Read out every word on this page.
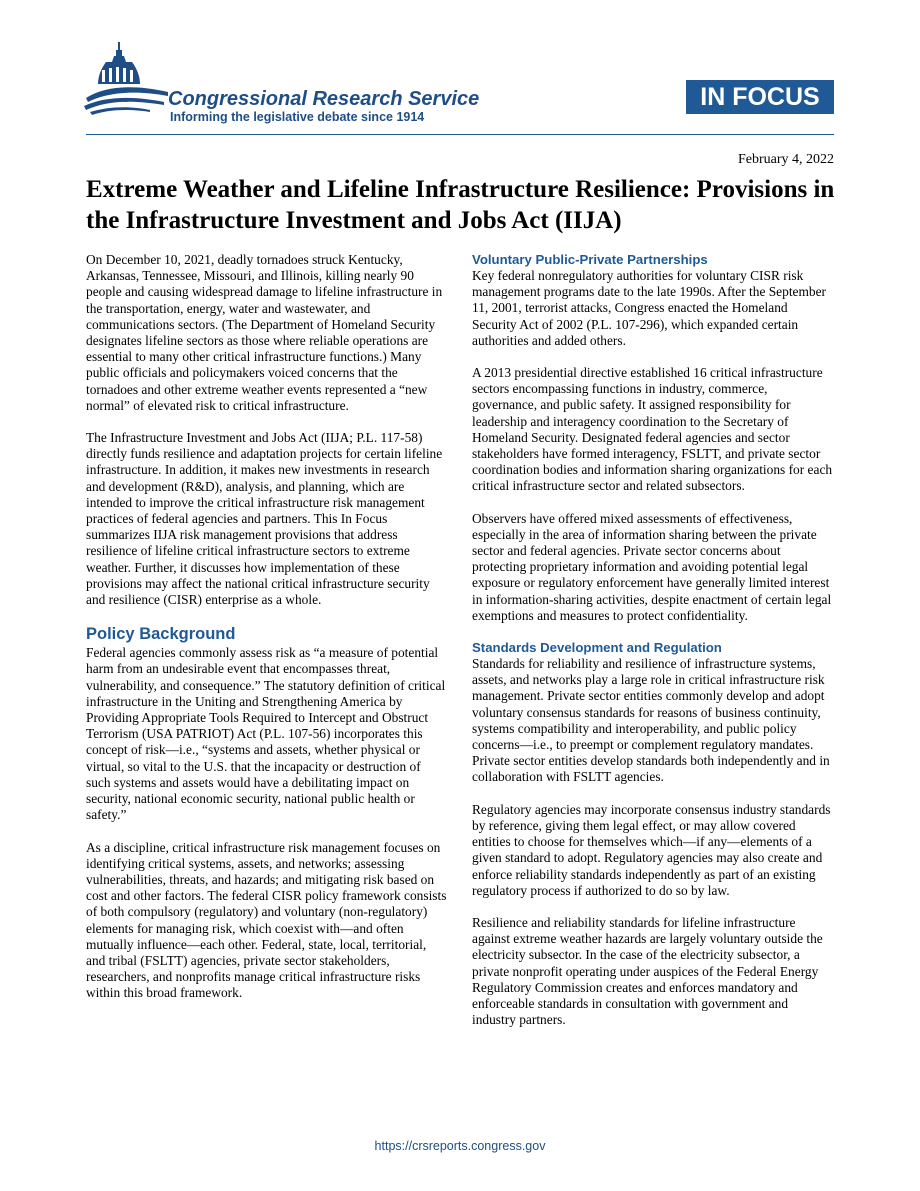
Congressional Research Service
Informing the legislative debate since 1914
IN FOCUS
February 4, 2022
Extreme Weather and Lifeline Infrastructure Resilience: Provisions in the Infrastructure Investment and Jobs Act (IIJA)

On December 10, 2021, deadly tornadoes struck Kentucky, Arkansas, Tennessee, Missouri, and Illinois, killing nearly 90 people and causing widespread damage to lifeline infrastructure in the transportation, energy, water and wastewater, and communications sectors. (The Department of Homeland Security designates lifeline sectors as those where reliable operations are essential to many other critical infrastructure functions.) Many public officials and policymakers voiced concerns that the tornadoes and other extreme weather events represented a “new normal” of elevated risk to critical infrastructure.

The Infrastructure Investment and Jobs Act (IIJA; P.L. 117-58) directly funds resilience and adaptation projects for certain lifeline infrastructure. In addition, it makes new investments in research and development (R&D), analysis, and planning, which are intended to improve the critical infrastructure risk management practices of federal agencies and partners. This In Focus summarizes IIJA risk management provisions that address resilience of lifeline critical infrastructure sectors to extreme weather. Further, it discusses how implementation of these provisions may affect the national critical infrastructure security and resilience (CISR) enterprise as a whole.

Policy Background

Federal agencies commonly assess risk as “a measure of potential harm from an undesirable event that encompasses threat, vulnerability, and consequence.” The statutory definition of critical infrastructure in the Uniting and Strengthening America by Providing Appropriate Tools Required to Intercept and Obstruct Terrorism (USA PATRIOT) Act (P.L. 107-56) incorporates this concept of risk—i.e., “systems and assets, whether physical or virtual, so vital to the U.S. that the incapacity or destruction of such systems and assets would have a debilitating impact on security, national economic security, national public health or safety.”

As a discipline, critical infrastructure risk management focuses on identifying critical systems, assets, and networks; assessing vulnerabilities, threats, and hazards; and mitigating risk based on cost and other factors. The federal CISR policy framework consists of both compulsory (regulatory) and voluntary (non-regulatory) elements for managing risk, which coexist with—and often mutually influence—each other. Federal, state, local, territorial, and tribal (FSLTT) agencies, private sector stakeholders, researchers, and nonprofits manage critical infrastructure risks within this broad framework.

Voluntary Public-Private Partnerships

Key federal nonregulatory authorities for voluntary CISR risk management programs date to the late 1990s. After the September 11, 2001, terrorist attacks, Congress enacted the Homeland Security Act of 2002 (P.L. 107-296), which expanded certain authorities and added others.

A 2013 presidential directive established 16 critical infrastructure sectors encompassing functions in industry, commerce, governance, and public safety. It assigned responsibility for leadership and interagency coordination to the Secretary of Homeland Security. Designated federal agencies and sector stakeholders have formed interagency, FSLTT, and private sector coordination bodies and information sharing organizations for each critical infrastructure sector and related subsectors.

Observers have offered mixed assessments of effectiveness, especially in the area of information sharing between the private sector and federal agencies. Private sector concerns about protecting proprietary information and avoiding potential legal exposure or regulatory enforcement have generally limited interest in information-sharing activities, despite enactment of certain legal exemptions and measures to protect confidentiality.

Standards Development and Regulation

Standards for reliability and resilience of infrastructure systems, assets, and networks play a large role in critical infrastructure risk management. Private sector entities commonly develop and adopt voluntary consensus standards for reasons of business continuity, systems compatibility and interoperability, and public policy concerns—i.e., to preempt or complement regulatory mandates. Private sector entities develop standards both independently and in collaboration with FSLTT agencies.

Regulatory agencies may incorporate consensus industry standards by reference, giving them legal effect, or may allow covered entities to choose for themselves which—if any—elements of a given standard to adopt. Regulatory agencies may also create and enforce reliability standards independently as part of an existing regulatory process if authorized to do so by law.

Resilience and reliability standards for lifeline infrastructure against extreme weather hazards are largely voluntary outside the electricity subsector. In the case of the electricity subsector, a private nonprofit operating under auspices of the Federal Energy Regulatory Commission creates and enforces mandatory and enforceable standards in consultation with government and industry partners.

https://crsreports.congress.gov
